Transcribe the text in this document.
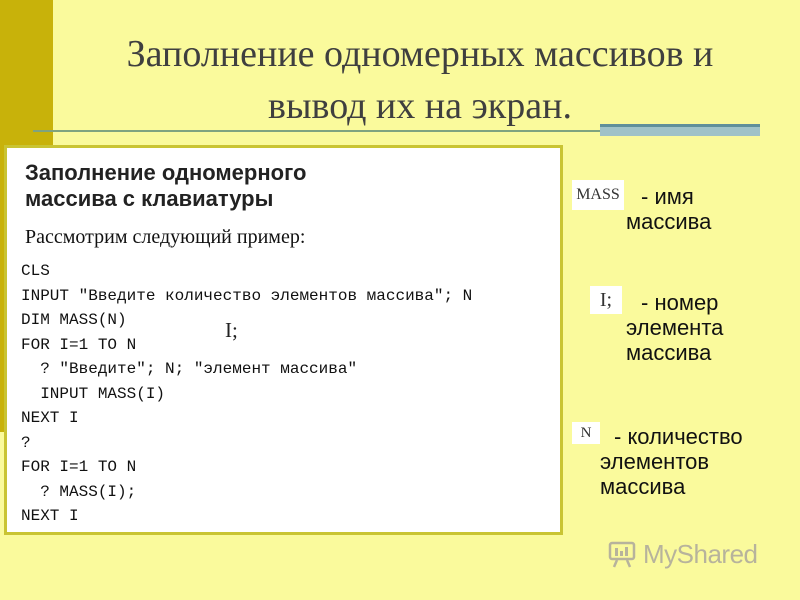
Заполнение одномерных массивов и
вывод их на экран.
Заполнение одномерного
массива с клавиатуры
Рассмотрим следующий пример:
CLS
INPUT "Введите количество элементов массива"; N
DIM MASS(N)
FOR I=1 TO N
? "Введите"; N; "элемент массива"
INPUT MASS(I)
NEXT I
?
FOR I=1 TO N
? MASS(I);
NEXT I
I;
MASS - имя
массива
I;	- номер
элемента
массива
N	- количество
элементов
массива
MyShared
